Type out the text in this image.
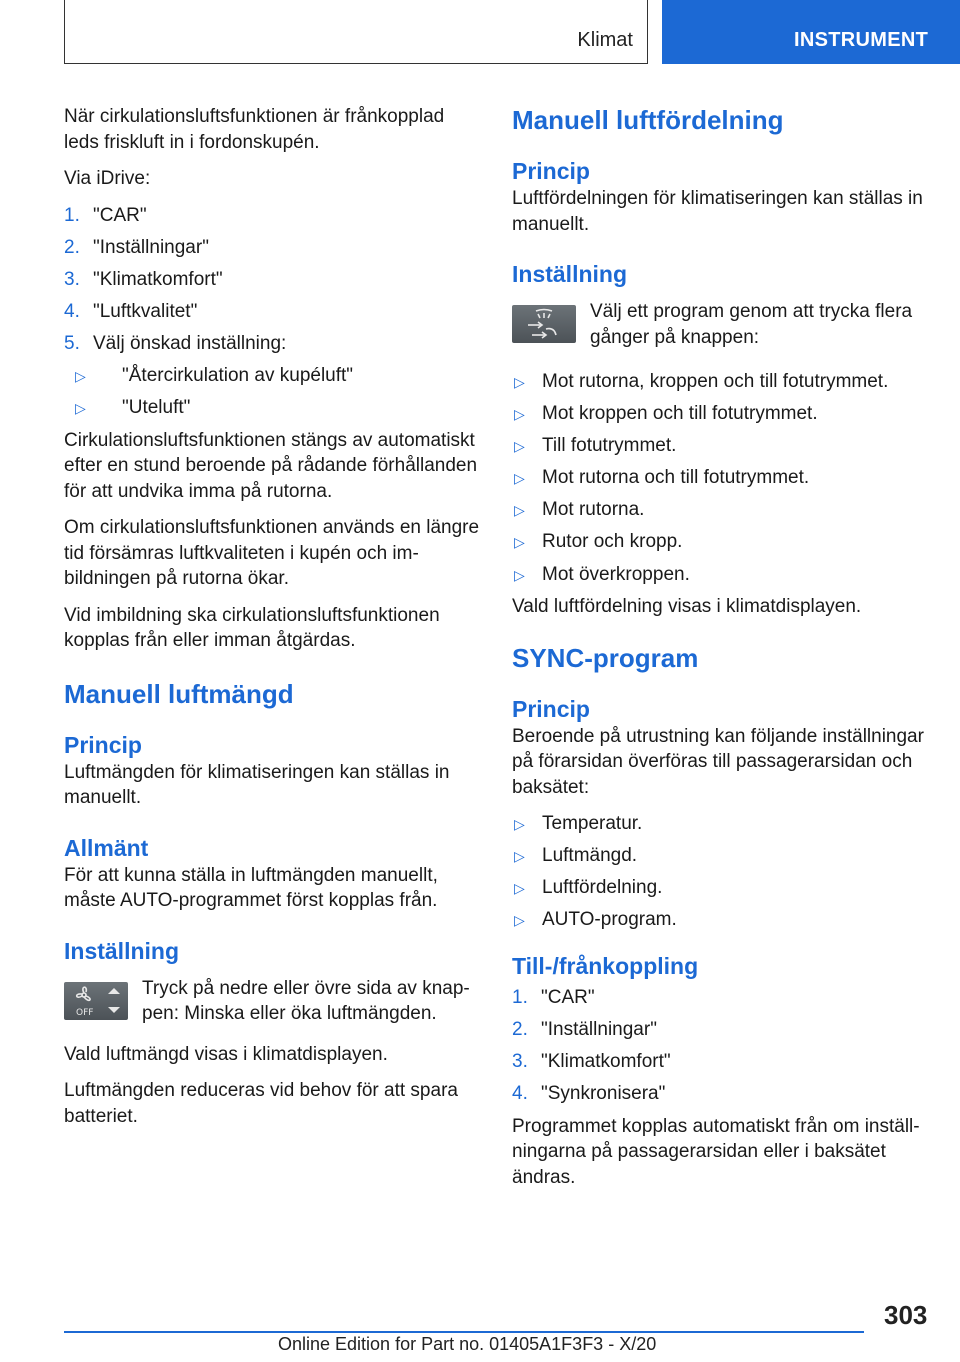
Klimat	INSTRUMENT

När cirkulationsluftsfunktionen är frånkopplad leds friskluft in i fordonskupén.

Via iDrive:

1. "CAR"
2. "Inställningar"
3. "Klimatkomfort"
4. "Luftkvalitet"
5. Välj önskad inställning:
▷ "Återcirkulation av kupéluft"
▷ "Uteluft"

Cirkulationsluftsfunktionen stängs av automatiskt efter en stund beroende på rådande förhållanden för att undvika imma på rutorna.

Om cirkulationsluftsfunktionen används en längre tid försämras luftkvaliteten i kupén och imbildningen på rutorna ökar.

Vid imbildning ska cirkulationsluftsfunktionen kopplas från eller imman åtgärdas.

Manuell luftmängd
Princip

Luftmängden för klimatiseringen kan ställas in manuellt.

Allmänt

För att kunna ställa in luftmängden manuellt, måste AUTO-programmet först kopplas från.

Inställning
OFF
Tryck på nedre eller övre sida av knappen: Minska eller öka luftmängden.

Vald luftmängd visas i klimatdisplayen.

Luftmängden reduceras vid behov för att spara batteriet.

Manuell luftfördelning
Princip

Luftfördelningen för klimatiseringen kan ställas in manuellt.

Inställning
Välj ett program genom att trycka flera gånger på knappen:
▷ Mot rutorna, kroppen och till fotutrymmet.
▷ Mot kroppen och till fotutrymmet.
▷ Till fotutrymmet.
▷ Mot rutorna och till fotutrymmet.
▷ Mot rutorna.
▷ Rutor och kropp.
▷ Mot överkroppen.

Vald luftfördelning visas i klimatdisplayen.

SYNC-program
Princip

Beroende på utrustning kan följande inställningar på förarsidan överföras till passagerarsidan och baksätet:

▷ Temperatur.
▷ Luftmängd.
▷ Luftfördelning.
▷ AUTO-program.
Till-/frånkoppling
1. "CAR"
2. "Inställningar"
3. "Klimatkomfort"
4. "Synkronisera"

Programmet kopplas automatiskt från om inställningarna på passagerarsidan eller i baksätet ändras.

303
Online Edition for Part no. 01405A1F3F3 - X/20
